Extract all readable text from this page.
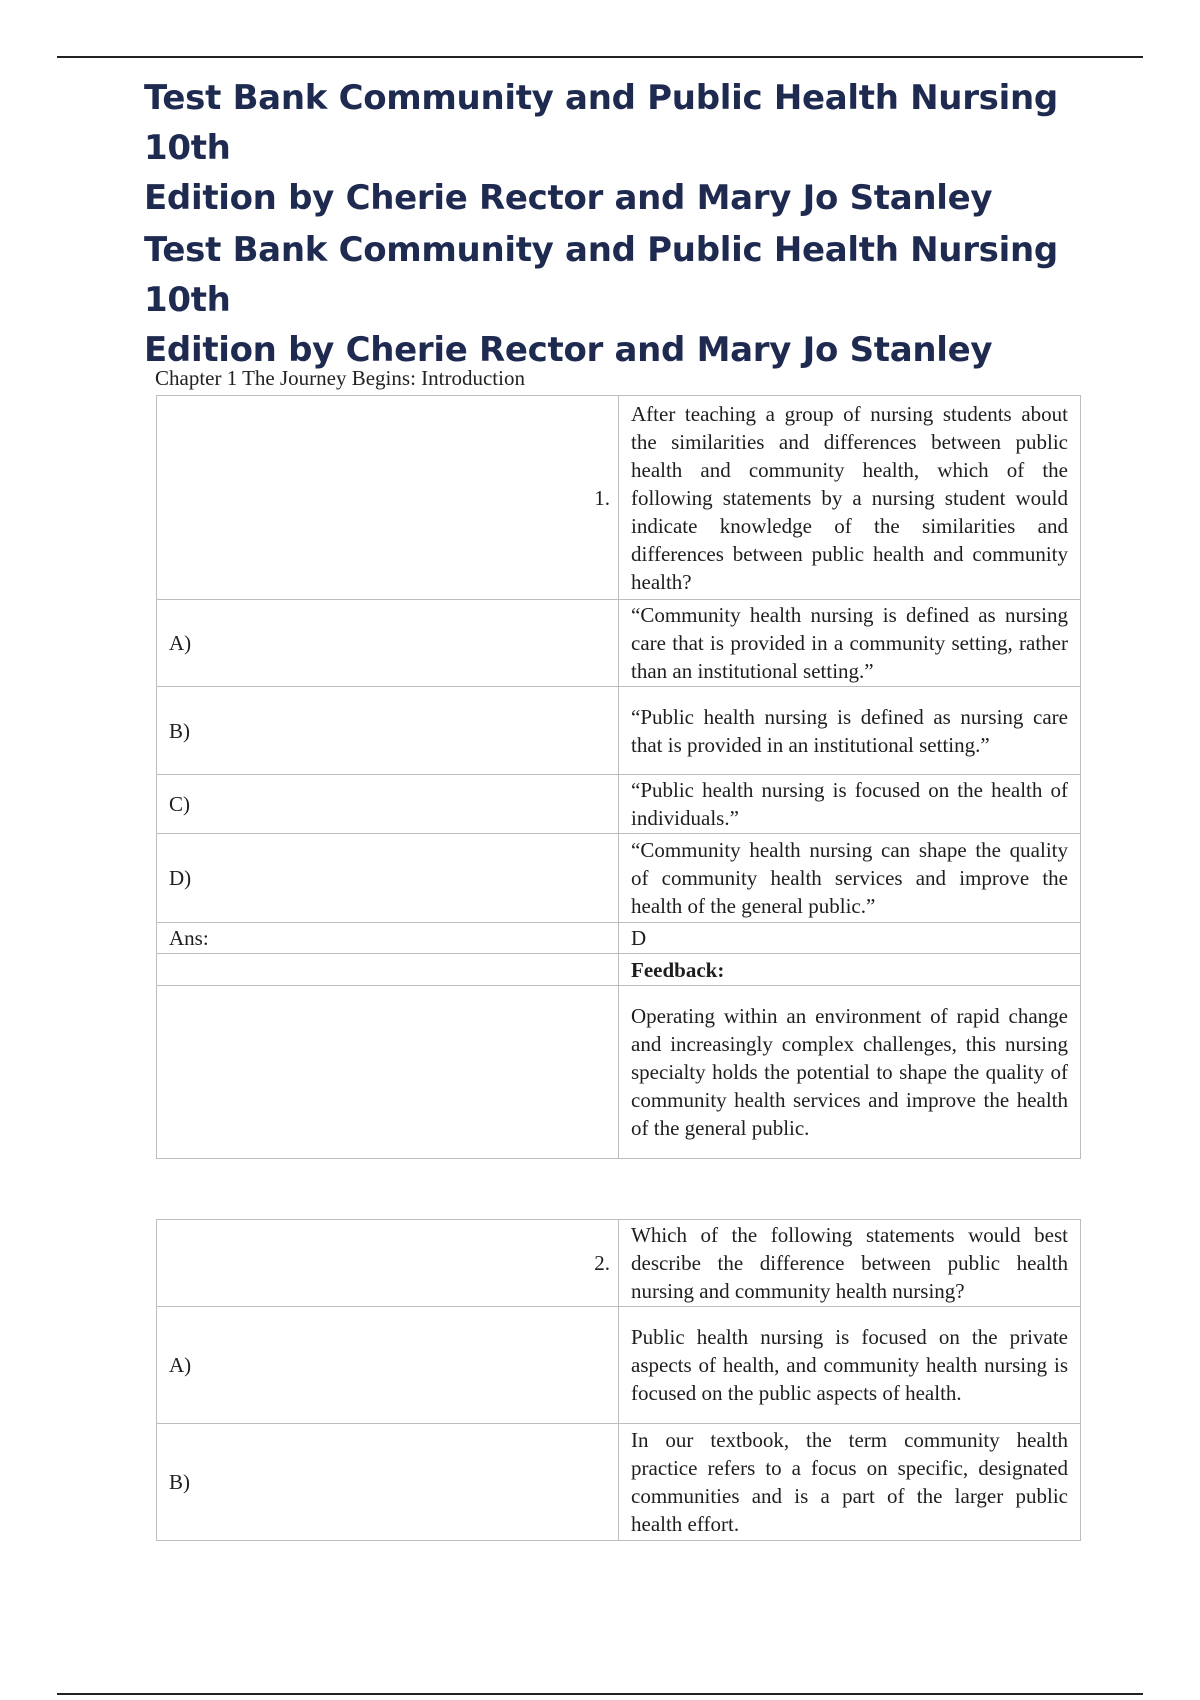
Test Bank Community and Public Health Nursing 10th
Edition by Cherie Rector and Mary Jo Stanley
Test Bank Community and Public Health Nursing 10th
Edition by Cherie Rector and Mary Jo Stanley
Chapter 1 The Journey Begins: Introduction
1.	After teaching a group of nursing students about the similarities and differences between public health and community health, which of the following statements by a nursing student would indicate knowledge of the similarities and differences between public health and community health?
A)	“Community health nursing is defined as nursing care that is provided in a community setting, rather than an institutional setting.”
B)	“Public health nursing is defined as nursing care that is provided in an institutional setting.”
C)	“Public health nursing is focused on the health of individuals.”
D)	“Community health nursing can shape the quality of community health services and improve the health of the general public.”
Ans:	D
	Feedback:
	Operating within an environment of rapid change and increasingly complex challenges, this nursing specialty holds the potential to shape the quality of community health services and improve the health of the general public.
2.	Which of the following statements would best describe the difference between public health nursing and community health nursing?
A)	Public health nursing is focused on the private aspects of health, and community health nursing is focused on the public aspects of health.
B)	In our textbook, the term community health practice refers to a focus on specific, designated communities and is a part of the larger public health effort.
